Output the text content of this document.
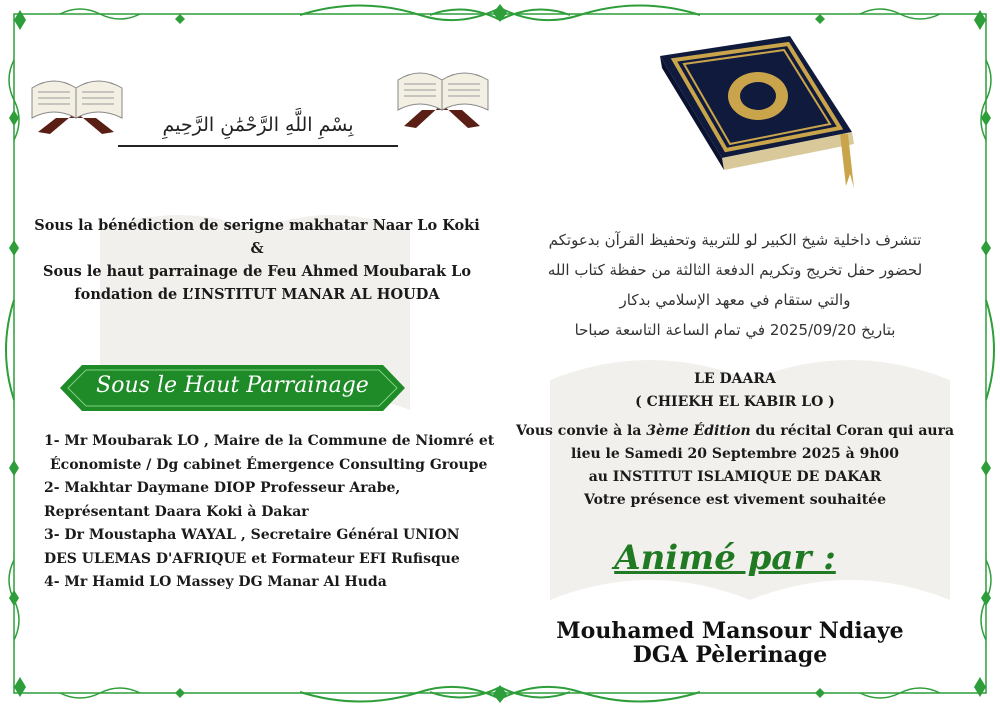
بِسْمِ اللَّهِ الرَّحْمَٰنِ الرَّحِيمِ
Sous la bénédiction de serigne makhatar Naar Lo Koki
&
Sous le haut parrainage de Feu Ahmed Moubarak Lo
fondation de L’INSTITUT MANAR AL HOUDA
Sous le Haut Parrainage
1- Mr Moubarak LO , Maire de la Commune de Niomré et
Économiste / Dg cabinet Émergence Consulting Groupe
2- Makhtar Daymane DIOP Professeur Arabe,
Représentant Daara Koki à Dakar
3- Dr Moustapha WAYAL , Secretaire Général UNION
DES ULEMAS D'AFRIQUE et Formateur EFI Rufisque
4- Mr Hamid LO Massey DG Manar Al Huda
تتشرف داخلية شيخ الكبير لو للتربية وتحفيظ القرآن بدعوتكم
لحضور حفل تخريج وتكريم الدفعة الثالثة من حفظة كتاب الله
والتي ستقام في معهد الإسلامي بدكار
بتاريخ 2025/09/20 في تمام الساعة التاسعة صباحا
LE DAARA
( CHIEKH EL KABIR LO )
Vous convie à la 3ème Édition du récital Coran qui aura
lieu le Samedi 20 Septembre 2025 à 9h00
au INSTITUT ISLAMIQUE DE DAKAR
Votre présence est vivement souhaitée
Animé par :
Mouhamed Mansour Ndiaye
DGA Pèlerinage
